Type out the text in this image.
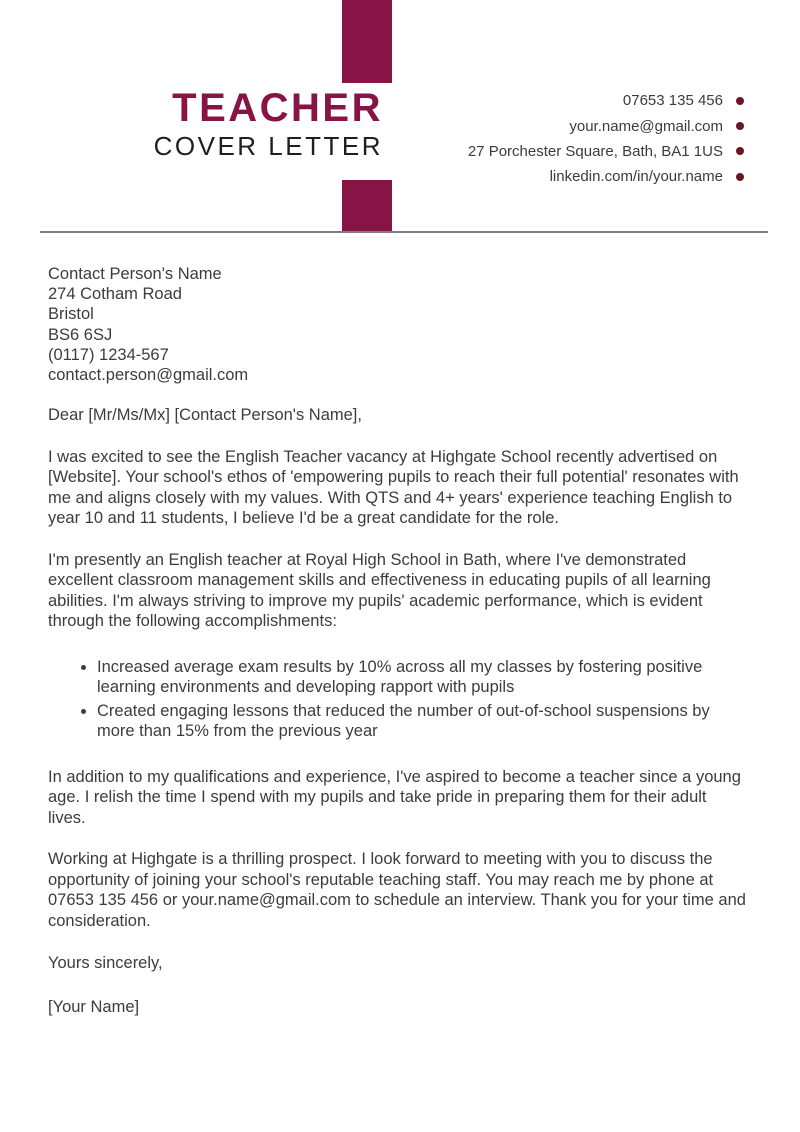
TEACHER
COVER LETTER
07653 135 456
your.name@gmail.com
27 Porchester Square, Bath, BA1 1US
linkedin.com/in/your.name
Contact Person's Name
274 Cotham Road
Bristol
BS6 6SJ
(0117) 1234-567
contact.person@gmail.com

Dear [Mr/Ms/Mx] [Contact Person's Name],

I was excited to see the English Teacher vacancy at Highgate School recently advertised on [Website]. Your school's ethos of 'empowering pupils to reach their full potential' resonates with me and aligns closely with my values. With QTS and 4+ years' experience teaching English to year 10 and 11 students, I believe I'd be a great candidate for the role.

I'm presently an English teacher at Royal High School in Bath, where I've demonstrated excellent classroom management skills and effectiveness in educating pupils of all learning abilities. I'm always striving to improve my pupils' academic performance, which is evident through the following accomplishments:

• Increased average exam results by 10% across all my classes by fostering positive learning environments and developing rapport with pupils
• Created engaging lessons that reduced the number of out-of-school suspensions by more than 15% from the previous year

In addition to my qualifications and experience, I've aspired to become a teacher since a young age. I relish the time I spend with my pupils and take pride in preparing them for their adult lives.

Working at Highgate is a thrilling prospect. I look forward to meeting with you to discuss the opportunity of joining your school's reputable teaching staff. You may reach me by phone at 07653 135 456 or your.name@gmail.com to schedule an interview. Thank you for your time and consideration.

Yours sincerely,

[Your Name]
